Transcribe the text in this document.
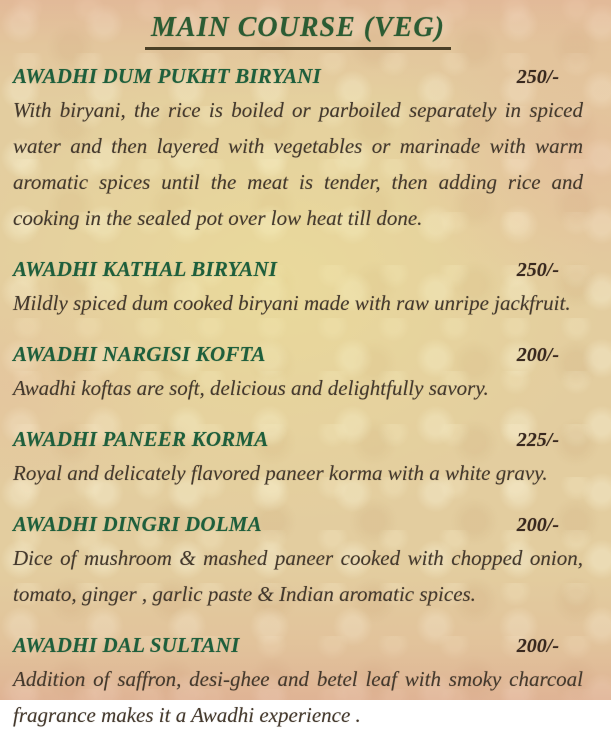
MAIN COURSE (VEG)
AWADHI DUM PUKHT BIRYANI	250/-
With biryani, the rice is boiled or parboiled separately in spiced water and then layered with vegetables or marinade with warm aromatic spices until the meat is tender, then adding rice and cooking in the sealed pot over low heat till done.
AWADHI KATHAL BIRYANI	250/-
Mildly spiced dum cooked biryani made with raw unripe jackfruit.
AWADHI NARGISI KOFTA	200/-
Awadhi koftas are soft, delicious and delightfully savory.
AWADHI PANEER KORMA	225/-
Royal and delicately flavored paneer korma with a white gravy.
AWADHI DINGRI DOLMA	200/-
Dice of mushroom & mashed paneer cooked with chopped onion, tomato, ginger , garlic paste & Indian aromatic spices.
AWADHI DAL SULTANI	200/-
Addition of saffron, desi-ghee and betel leaf with smoky charcoal fragrance makes it a Awadhi experience .
